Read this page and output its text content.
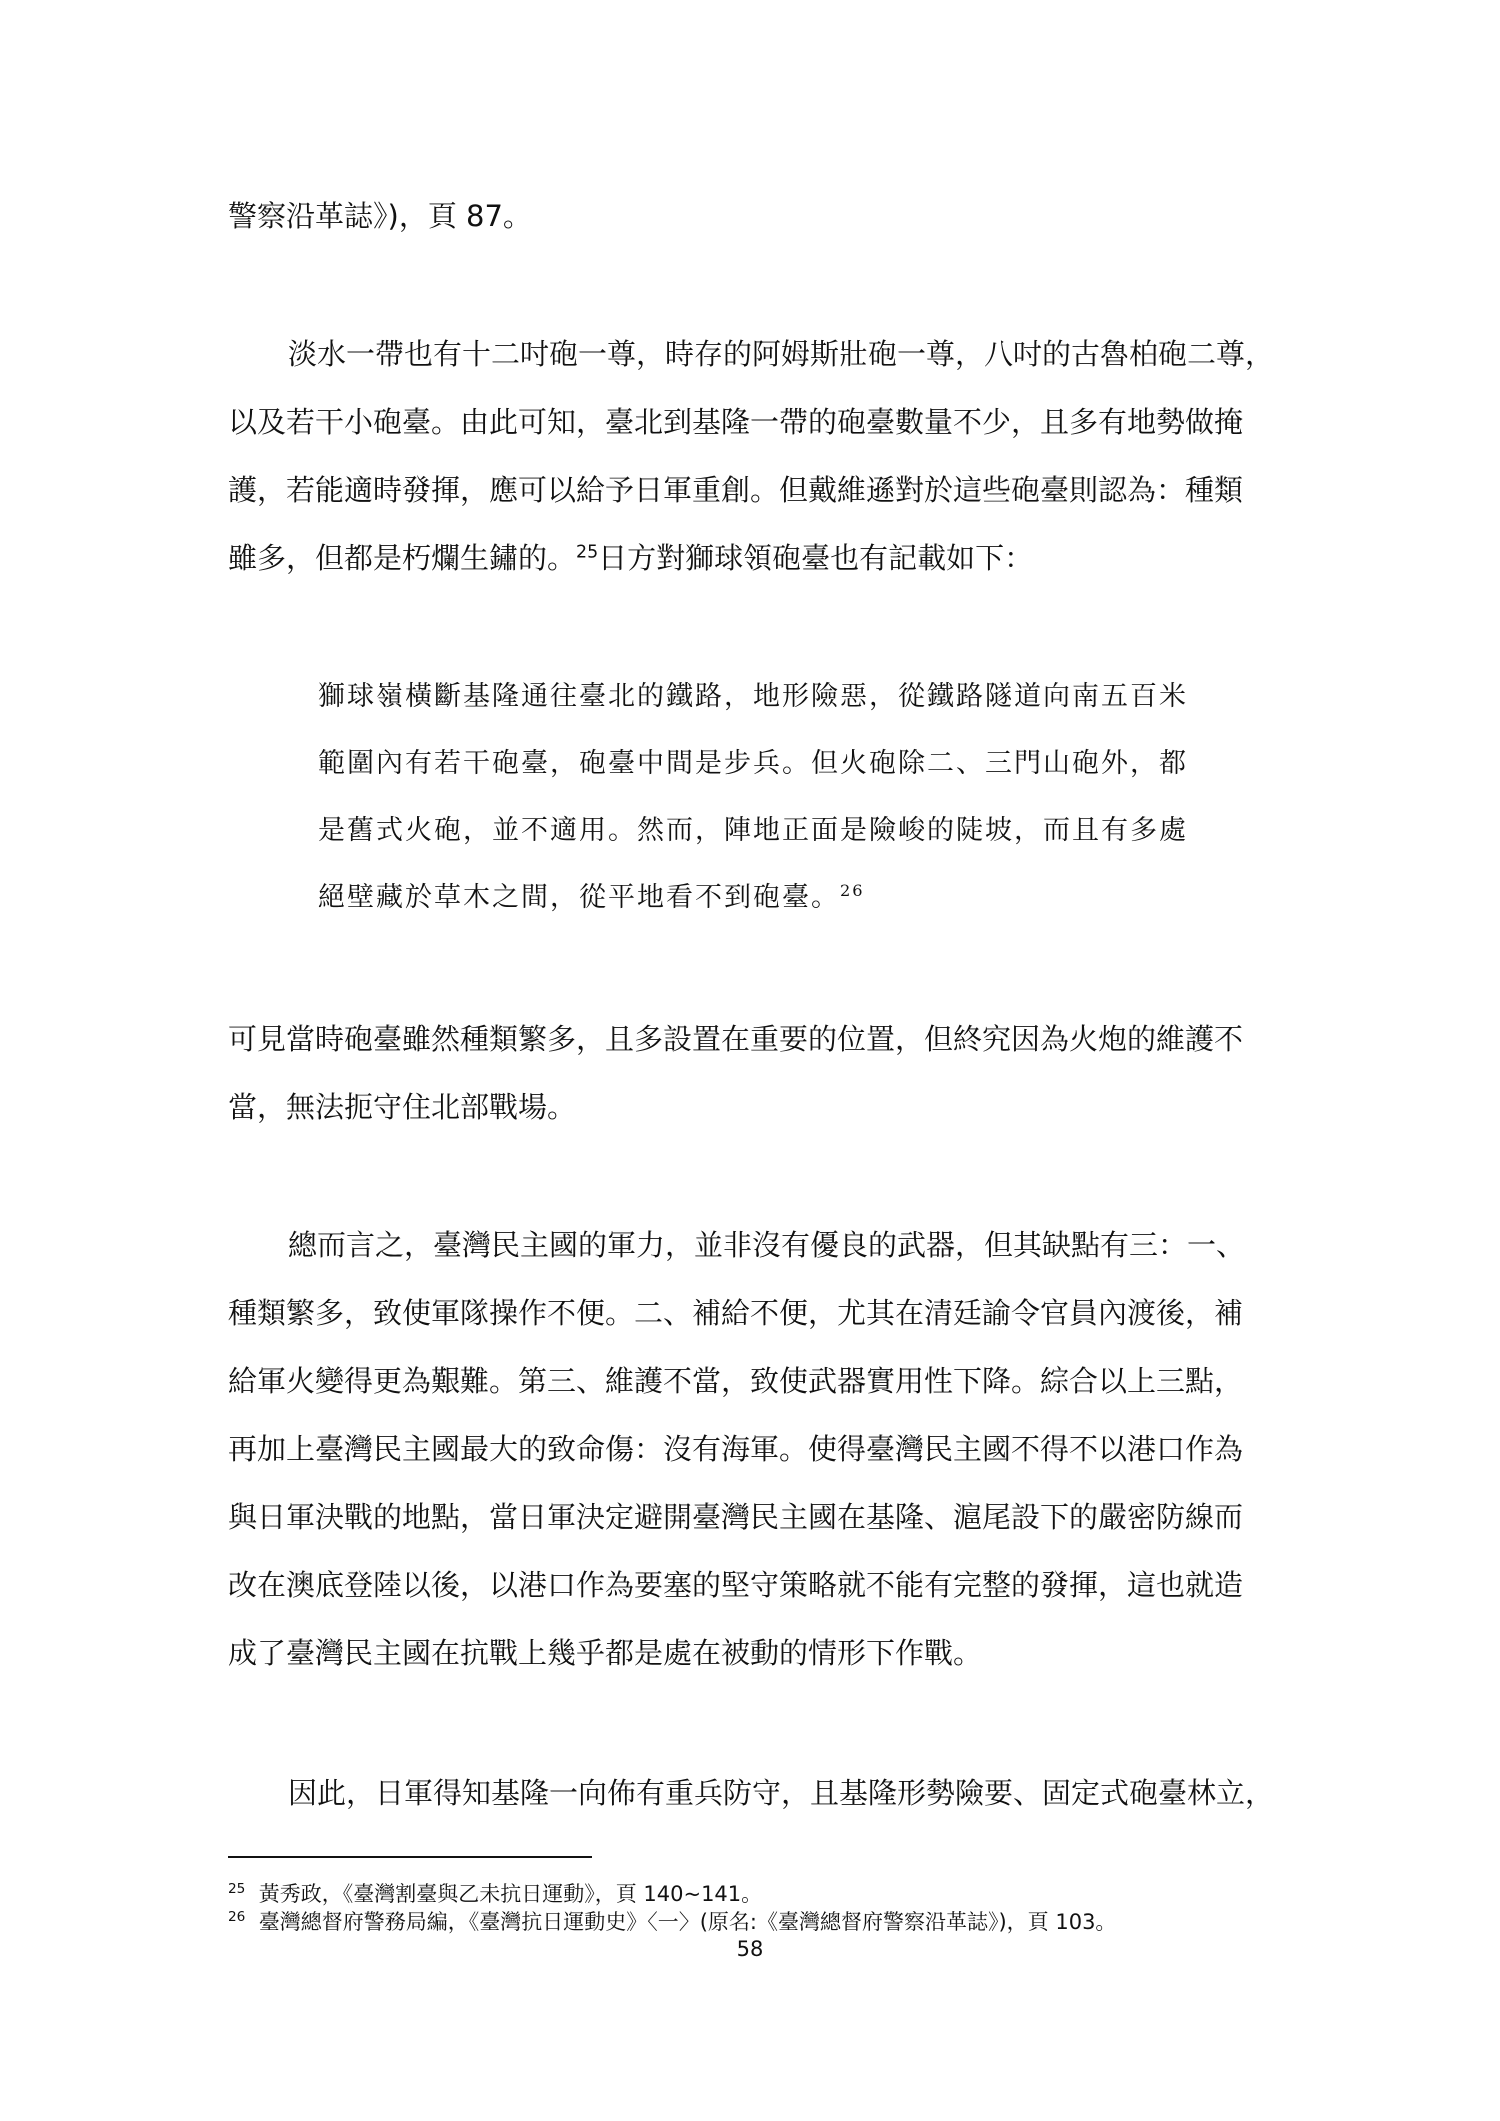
警察沿革誌》)，頁 87。
淡水一帶也有十二吋砲一尊，時存的阿姆斯壯砲一尊，八吋的古魯柏砲二尊，
以及若干小砲臺。由此可知，臺北到基隆一帶的砲臺數量不少，且多有地勢做掩
護，若能適時發揮，應可以給予日軍重創。但戴維遜對於這些砲臺則認為：種類
雖多，但都是朽爛生鏽的。$^{25}$日方對獅球領砲臺也有記載如下：
獅球嶺橫斷基隆通往臺北的鐵路，地形險惡，從鐵路隧道向南五百米
範圍內有若干砲臺，砲臺中間是步兵。但火砲除二、三門山砲外，都
是舊式火砲，並不適用。然而，陣地正面是險峻的陡坡，而且有多處
絕壁藏於草木之間，從平地看不到砲臺。$^{26}$
可見當時砲臺雖然種類繁多，且多設置在重要的位置，但終究因為火炮的維護不
當，無法扼守住北部戰場。
總而言之，臺灣民主國的軍力，並非沒有優良的武器，但其缺點有三：一、
種類繁多，致使軍隊操作不便。二、補給不便，尤其在清廷諭令官員內渡後，補
給軍火變得更為艱難。第三、維護不當，致使武器實用性下降。綜合以上三點，
再加上臺灣民主國最大的致命傷：沒有海軍。使得臺灣民主國不得不以港口作為
與日軍決戰的地點，當日軍決定避開臺灣民主國在基隆、滬尾設下的嚴密防線而
改在澳底登陸以後，以港口作為要塞的堅守策略就不能有完整的發揮，這也就造
成了臺灣民主國在抗戰上幾乎都是處在被動的情形下作戰。
因此，日軍得知基隆一向佈有重兵防守，且基隆形勢險要、固定式砲臺林立，
$^{25}$ 黃秀政，《臺灣割臺與乙未抗日運動》，頁 140~141。
$^{26}$ 臺灣總督府警務局編，《臺灣抗日運動史》〈一〉(原名:《臺灣總督府警察沿革誌》)，頁 103。
58
